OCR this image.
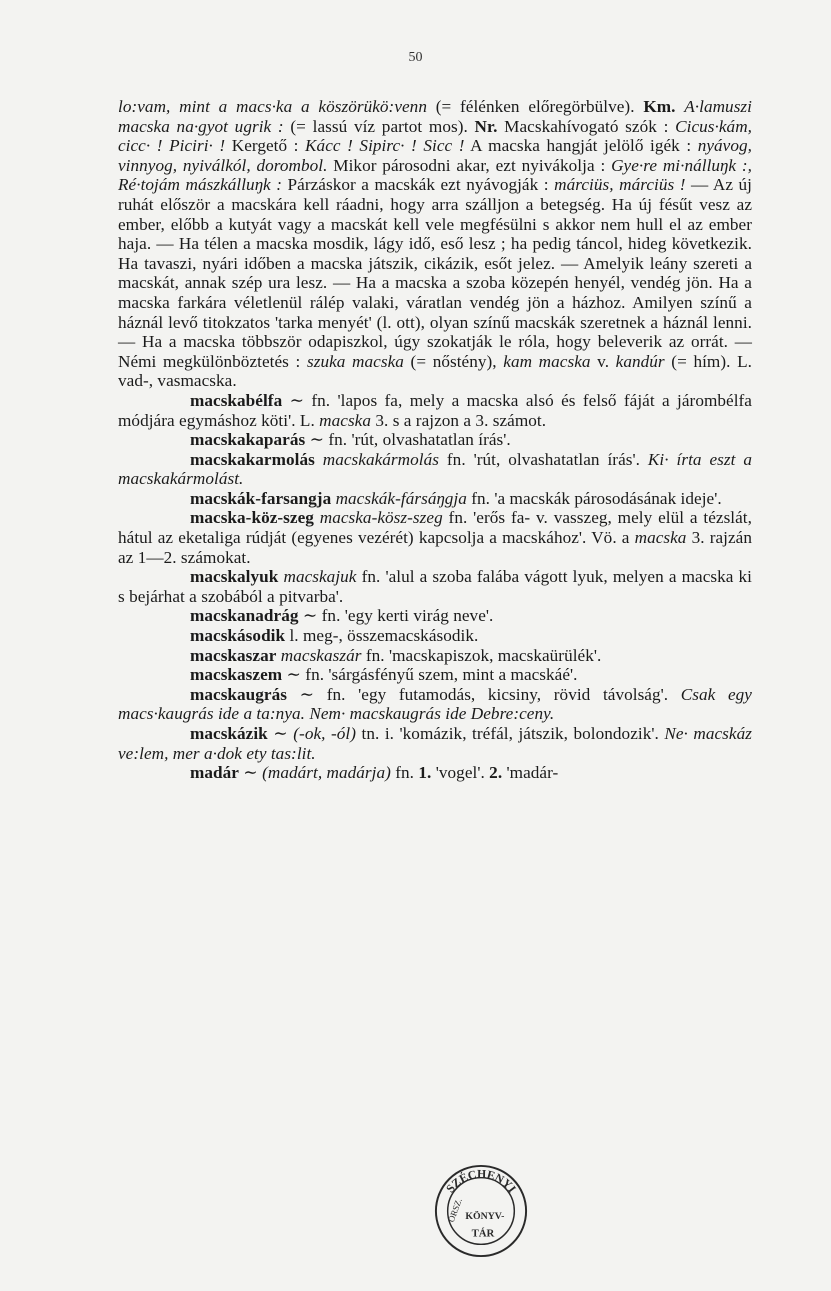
50

lo:vam, mint a macs·ka a köszörükö:venn (= félénken előregörbülve). Km. A·lamuszi macska na·gyot ugrik : (= lassú víz partot mos). Nr. Macskahívogató szók : Cicus·kám, cicc· ! Piciri· ! Kergető : Kácc ! Sipirc· ! Sicc ! A macska hangját jelölő igék : nyávog, vinnyog, nyiválkól, dorombol. Mikor párosodni akar, ezt nyivákolja : Gye·re mi·nálluŋk :, Ré·tojám mászkálluŋk : Párzáskor a macskák ezt nyávogják : márciüs, márciüs ! — Az új ruhát először a macskára kell ráadni, hogy arra szálljon a betegség. Ha új fésűt vesz az ember, előbb a kutyát vagy a macskát kell vele megfésülni s akkor nem hull el az ember haja. — Ha télen a macska mosdik, lágy idő, eső lesz ; ha pedig táncol, hideg következik. Ha tavaszi, nyári időben a macska játszik, cikázik, esőt jelez. — Amelyik leány szereti a macskát, annak szép ura lesz. — Ha a macska a szoba közepén henyél, vendég jön. Ha a macska farkára véletlenül rálép valaki, váratlan vendég jön a házhoz. Amilyen színű a háznál levő titokzatos 'tarka menyét' (l. ott), olyan színű macskák szeretnek a háznál lenni. — Ha a macska többször odapiszkol, úgy szokatják le róla, hogy beleverik az orrát. — Némi megkülönböztetés : szuka macska (= nőstény), kam macska v. kandúr (= hím). L. vad-, vasmacska.

macskabélfa ∼ fn. 'lapos fa, mely a macska alsó és felső fáját a járombélfa módjára egymáshoz köti'. L. macska 3. s a rajzon a 3. számot.

macskakaparás ∼ fn. 'rút, olvashatatlan írás'.

macskakarmolás macskakármolás fn. 'rút, olvashatatlan írás'. Ki· írta eszt a macskakármolást.

macskák-farsangja macskák-fársáŋgja fn. 'a macskák párosodásának ideje'.

macska-köz-szeg macska-kösz-szeg fn. 'erős fa- v. vasszeg, mely elül a tézslát, hátul az eketaliga rúdját (egyenes vezérét) kapcsolja a macskához'. Vö. a macska 3. rajzán az 1—2. számokat.

macskalyuk macskajuk fn. 'alul a szoba falába vágott lyuk, melyen a macska ki s bejárhat a szobából a pitvarba'.

macskanadrág ∼ fn. 'egy kerti virág neve'.

macskásodik l. meg-, összemacskásodik.

macskaszar macskaszár fn. 'macskapiszok, macskaürülék'.

macskaszem ∼ fn. 'sárgásfényű szem, mint a macskáé'.

macskaugrás ∼ fn. 'egy futamodás, kicsiny, rövid távolság'. Csak egy macs·kaugrás ide a ta:nya. Nem· macskaugrás ide Debre:ceny.

macskázik ∼ (-ok, -ól) tn. i. 'komázik, tréfál, játszik, bolondozik'. Ne· macskáz ve:lem, mer a·dok ety tas:lit.

madár ∼ (madárt, madárja) fn. 1. 'vogel'. 2. 'madár-

SZÉCHENYI
ORSZ. KÖNYV-
TÁR
